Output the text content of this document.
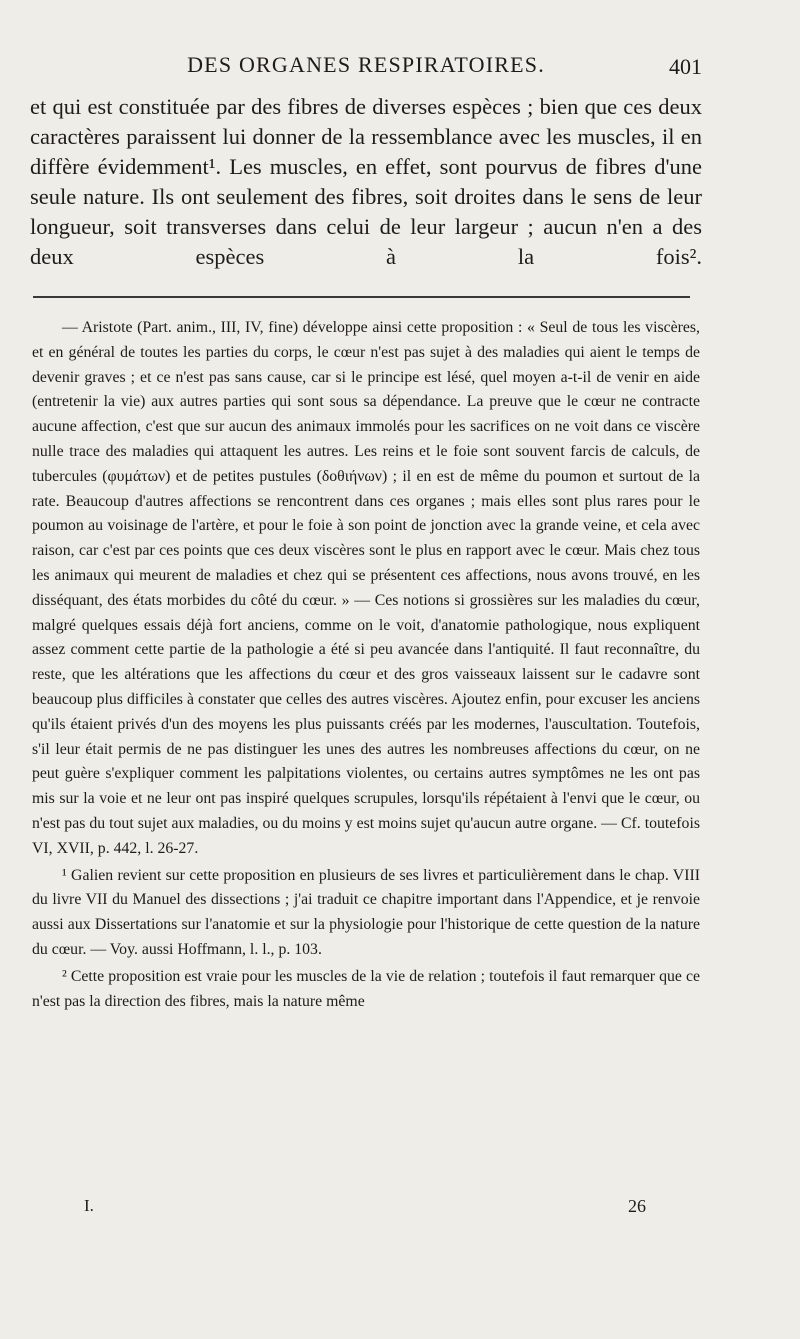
DES ORGANES RESPIRATOIRES.	401

et qui est constituée par des fibres de diverses espèces ; bien que ces deux caractères paraissent lui donner de la ressemblance avec les muscles, il en diffère évidemment¹. Les muscles, en effet, sont pourvus de fibres d'une seule nature. Ils ont seulement des fibres, soit droites dans le sens de leur longueur, soit transverses dans celui de leur largeur ; aucun n'en a des deux espèces à la fois².

— Aristote (Part. anim., III, IV, fine) développe ainsi cette proposition : « Seul de tous les viscères, et en général de toutes les parties du corps, le cœur n'est pas sujet à des maladies qui aient le temps de devenir graves ; et ce n'est pas sans cause, car si le principe est lésé, quel moyen a-t-il de venir en aide (entretenir la vie) aux autres parties qui sont sous sa dépendance. La preuve que le cœur ne contracte aucune affection, c'est que sur aucun des animaux immolés pour les sacrifices on ne voit dans ce viscère nulle trace des maladies qui attaquent les autres. Les reins et le foie sont souvent farcis de calculs, de tubercules (φυμάτων) et de petites pustules (δοθιήνων) ; il en est de même du poumon et surtout de la rate. Beaucoup d'autres affections se rencontrent dans ces organes ; mais elles sont plus rares pour le poumon au voisinage de l'artère, et pour le foie à son point de jonction avec la grande veine, et cela avec raison, car c'est par ces points que ces deux viscères sont le plus en rapport avec le cœur. Mais chez tous les animaux qui meurent de maladies et chez qui se présentent ces affections, nous avons trouvé, en les disséquant, des états morbides du côté du cœur. » — Ces notions si grossières sur les maladies du cœur, malgré quelques essais déjà fort anciens, comme on le voit, d'anatomie pathologique, nous expliquent assez comment cette partie de la pathologie a été si peu avancée dans l'antiquité. Il faut reconnaître, du reste, que les altérations que les affections du cœur et des gros vaisseaux laissent sur le cadavre sont beaucoup plus difficiles à constater que celles des autres viscères. Ajoutez enfin, pour excuser les anciens qu'ils étaient privés d'un des moyens les plus puissants créés par les modernes, l'auscultation. Toutefois, s'il leur était permis de ne pas distinguer les unes des autres les nombreuses affections du cœur, on ne peut guère s'expliquer comment les palpitations violentes, ou certains autres symptômes ne les ont pas mis sur la voie et ne leur ont pas inspiré quelques scrupules, lorsqu'ils répétaient à l'envi que le cœur, ou n'est pas du tout sujet aux maladies, ou du moins y est moins sujet qu'aucun autre organe. — Cf. toutefois VI, XVII, p. 442, l. 26-27.

¹ Galien revient sur cette proposition en plusieurs de ses livres et particulièrement dans le chap. VIII du livre VII du Manuel des dissections ; j'ai traduit ce chapitre important dans l'Appendice, et je renvoie aussi aux Dissertations sur l'anatomie et sur la physiologie pour l'historique de cette question de la nature du cœur. — Voy. aussi Hoffmann, l. l., p. 103.

² Cette proposition est vraie pour les muscles de la vie de relation ; toutefois il faut remarquer que ce n'est pas la direction des fibres, mais la nature même

I.	26
